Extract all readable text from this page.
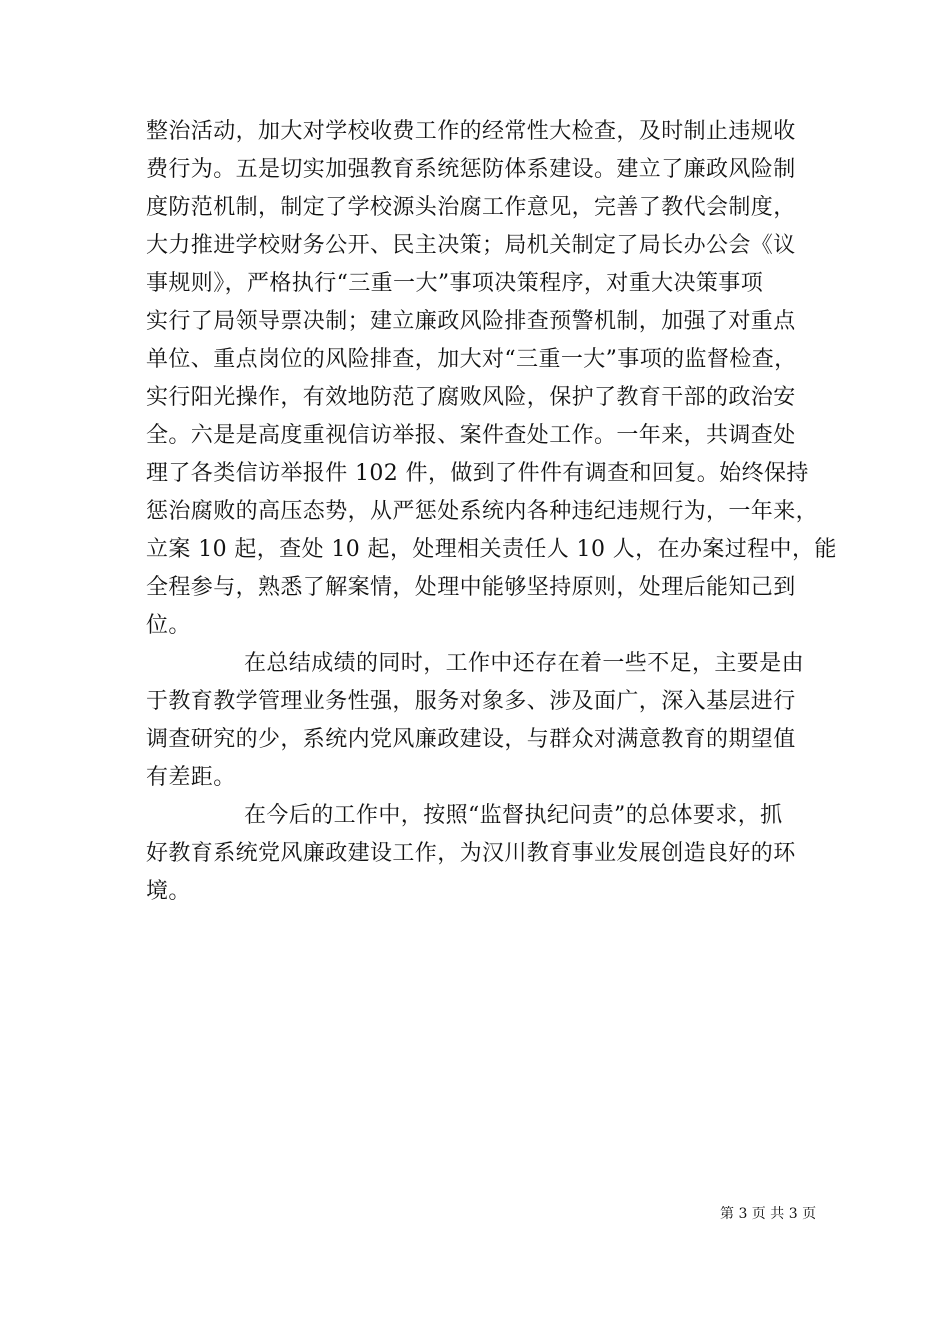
整治活动，加大对学校收费工作的经常性大检查，及时制止违规收

费行为。五是切实加强教育系统惩防体系建设。建立了廉政风险制

度防范机制，制定了学校源头治腐工作意见，完善了教代会制度，

大力推进学校财务公开、民主决策；局机关制定了局长办公会《议

事规则》，严格执行“三重一大”事项决策程序，对重大决策事项

实行了局领导票决制；建立廉政风险排查预警机制，加强了对重点

单位、重点岗位的风险排查，加大对“三重一大”事项的监督检查，

实行阳光操作，有效地防范了腐败风险，保护了教育干部的政治安

全。六是是高度重视信访举报、案件查处工作。一年来，共调查处

理了各类信访举报件 102 件，做到了件件有调查和回复。始终保持

惩治腐败的高压态势，从严惩处系统内各种违纪违规行为，一年来，

立案 10 起，查处 10 起，处理相关责任人 10 人，在办案过程中，能

全程参与，熟悉了解案情，处理中能够坚持原则，处理后能知己到

位。

在总结成绩的同时，工作中还存在着一些不足，主要是由

于教育教学管理业务性强，服务对象多、涉及面广，深入基层进行

调查研究的少，系统内党风廉政建设，与群众对满意教育的期望值

有差距。

在今后的工作中，按照“监督执纪问责”的总体要求，抓

好教育系统党风廉政建设工作，为汉川教育事业发展创造良好的环

境。

第 3 页 共 3 页
